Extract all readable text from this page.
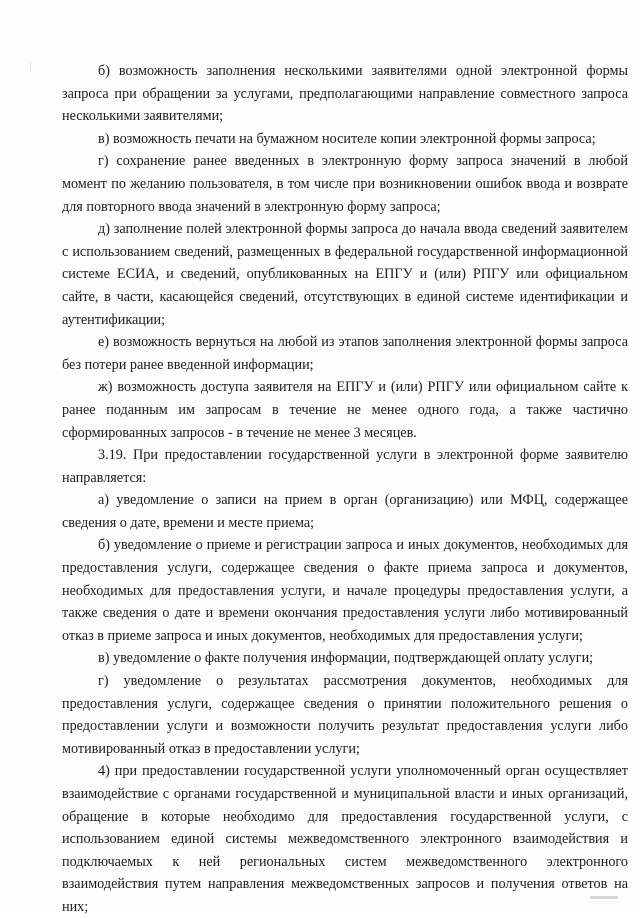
б) возможность заполнения несколькими заявителями одной электронной формы запроса при обращении за услугами, предполагающими направление совместного запроса несколькими заявителями;

в) возможность печати на бумажном носителе копии электронной формы запроса;

г) сохранение ранее введенных в электронную форму запроса значений в любой момент по желанию пользователя, в том числе при возникновении ошибок ввода и возврате для повторного ввода значений в электронную форму запроса;

д) заполнение полей электронной формы запроса до начала ввода сведений заявителем с использованием сведений, размещенных в федеральной государственной информационной системе ЕСИА, и сведений, опубликованных на ЕПГУ и (или) РПГУ или официальном сайте, в части, касающейся сведений, отсутствующих в единой системе идентификации и аутентификации;

е) возможность вернуться на любой из этапов заполнения электронной формы запроса без потери ранее введенной информации;

ж) возможность доступа заявителя на ЕПГУ и (или) РПГУ или официальном сайте к ранее поданным им запросам в течение не менее одного года, а также частично сформированных запросов - в течение не менее 3 месяцев.

3.19. При предоставлении государственной услуги в электронной форме заявителю направляется:

а) уведомление о записи на прием в орган (организацию) или МФЦ, содержащее сведения о дате, времени и месте приема;

б) уведомление о приеме и регистрации запроса и иных документов, необходимых для предоставления услуги, содержащее сведения о факте приема запроса и документов, необходимых для предоставления услуги, и начале процедуры предоставления услуги, а также сведения о дате и времени окончания предоставления услуги либо мотивированный отказ в приеме запроса и иных документов, необходимых для предоставления услуги;

в) уведомление о факте получения информации, подтверждающей оплату услуги;

г) уведомление о результатах рассмотрения документов, необходимых для предоставления услуги, содержащее сведения о принятии положительного решения о предоставлении услуги и возможности получить результат предоставления услуги либо мотивированный отказ в предоставлении услуги;

4) при предоставлении государственной услуги уполномоченный орган осуществляет взаимодействие с органами государственной и муниципальной власти и иных организаций, обращение в которые необходимо для предоставления государственной услуги, с использованием единой системы межведомственного электронного взаимодействия и подключаемых к ней региональных систем межведомственного электронного взаимодействия путем направления межведомственных запросов и получения ответов на них;
